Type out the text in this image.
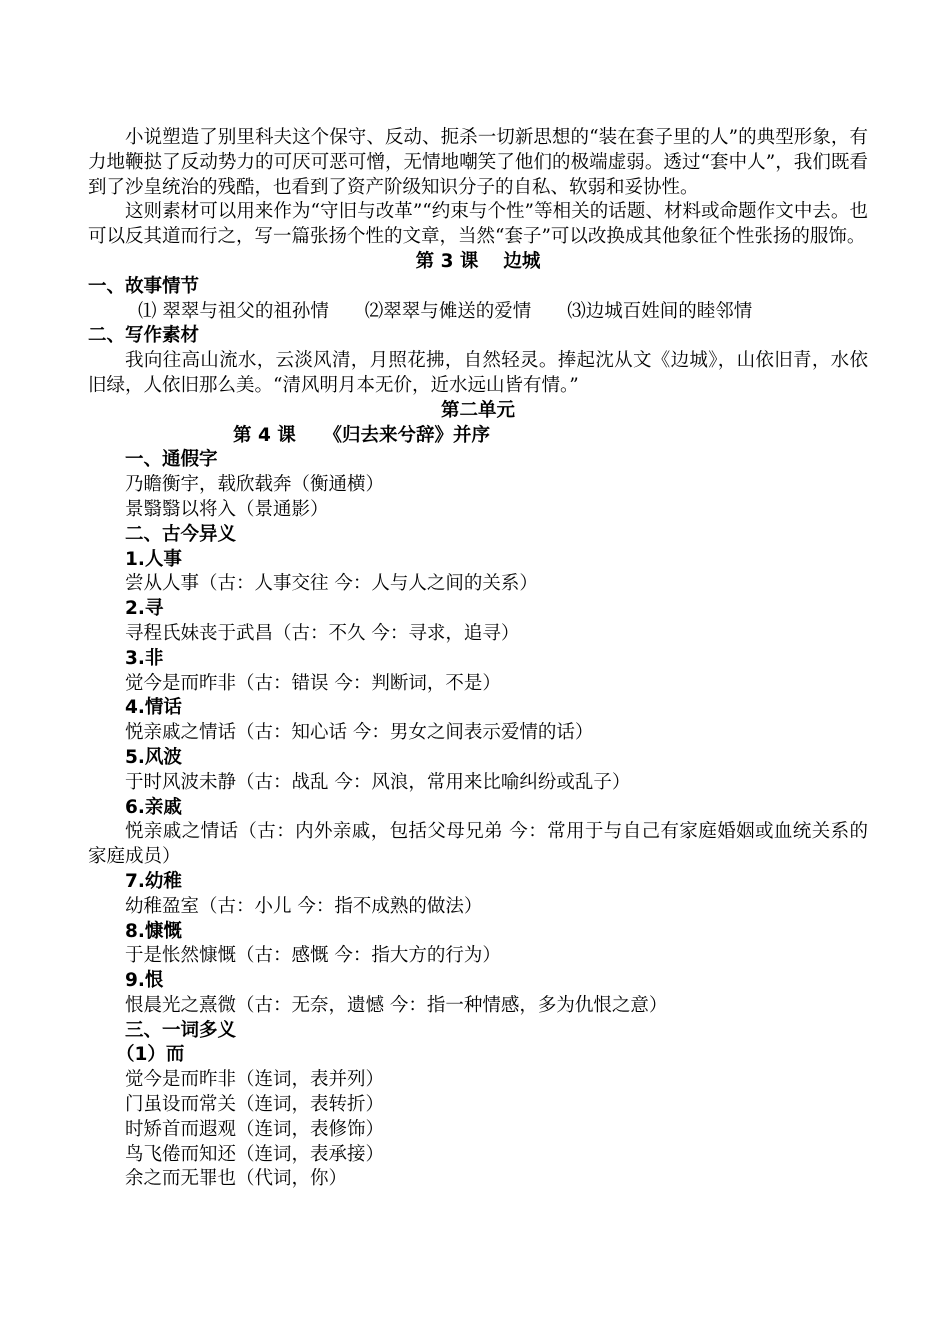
小说塑造了别里科夫这个保守、反动、扼杀一切新思想的“装在套子里的人”的典型形象，有力地鞭挞了反动势力的可厌可恶可憎，无情地嘲笑了他们的极端虚弱。透过“套中人”，我们既看到了沙皇统治的残酷，也看到了资产阶级知识分子的自私、软弱和妥协性。

这则素材可以用来作为“守旧与改革”“约束与个性”等相关的话题、材料或命题作文中去。也可以反其道而行之，写一篇张扬个性的文章，当然“套子”可以改换成其他象征个性张扬的服饰。

第 3 课　 边城

一、故事情节

⑴ 翠翠与祖父的祖孙情 ⑵翠翠与傩送的爱情 ⑶边城百姓间的睦邻情

二、写作素材

我向往高山流水，云淡风清，月照花拂，自然轻灵。捧起沈从文《边城》，山依旧青，水依旧绿，人依旧那么美。“清风明月本无价，近水远山皆有情。”

第二单元

第 4 课　　《归去来兮辞》并序

一、通假字

乃瞻衡宇，载欣载奔（衡通横）

景翳翳以将入（景通影）

二、古今异义

1.人事

尝从人事（古：人事交往 今：人与人之间的关系）

2.寻

寻程氏妹丧于武昌（古：不久 今：寻求，追寻）

3.非

觉今是而昨非（古：错误 今：判断词，不是）

4.情话

悦亲戚之情话（古：知心话 今：男女之间表示爱情的话）

5.风波

于时风波未静（古：战乱 今：风浪，常用来比喻纠纷或乱子）

6.亲戚

悦亲戚之情话（古：内外亲戚，包括父母兄弟 今：常用于与自己有家庭婚姻或血统关系的家庭成员）

7.幼稚

幼稚盈室（古：小儿 今：指不成熟的做法）

8.慷慨

于是怅然慷慨（古：感慨 今：指大方的行为）

9.恨

恨晨光之熹微（古：无奈，遗憾 今：指一种情感，多为仇恨之意）

三、一词多义

（1）而

觉今是而昨非（连词，表并列）

门虽设而常关（连词，表转折）

时矫首而遐观（连词，表修饰）

鸟飞倦而知还（连词，表承接）

余之而无罪也（代词，你）
